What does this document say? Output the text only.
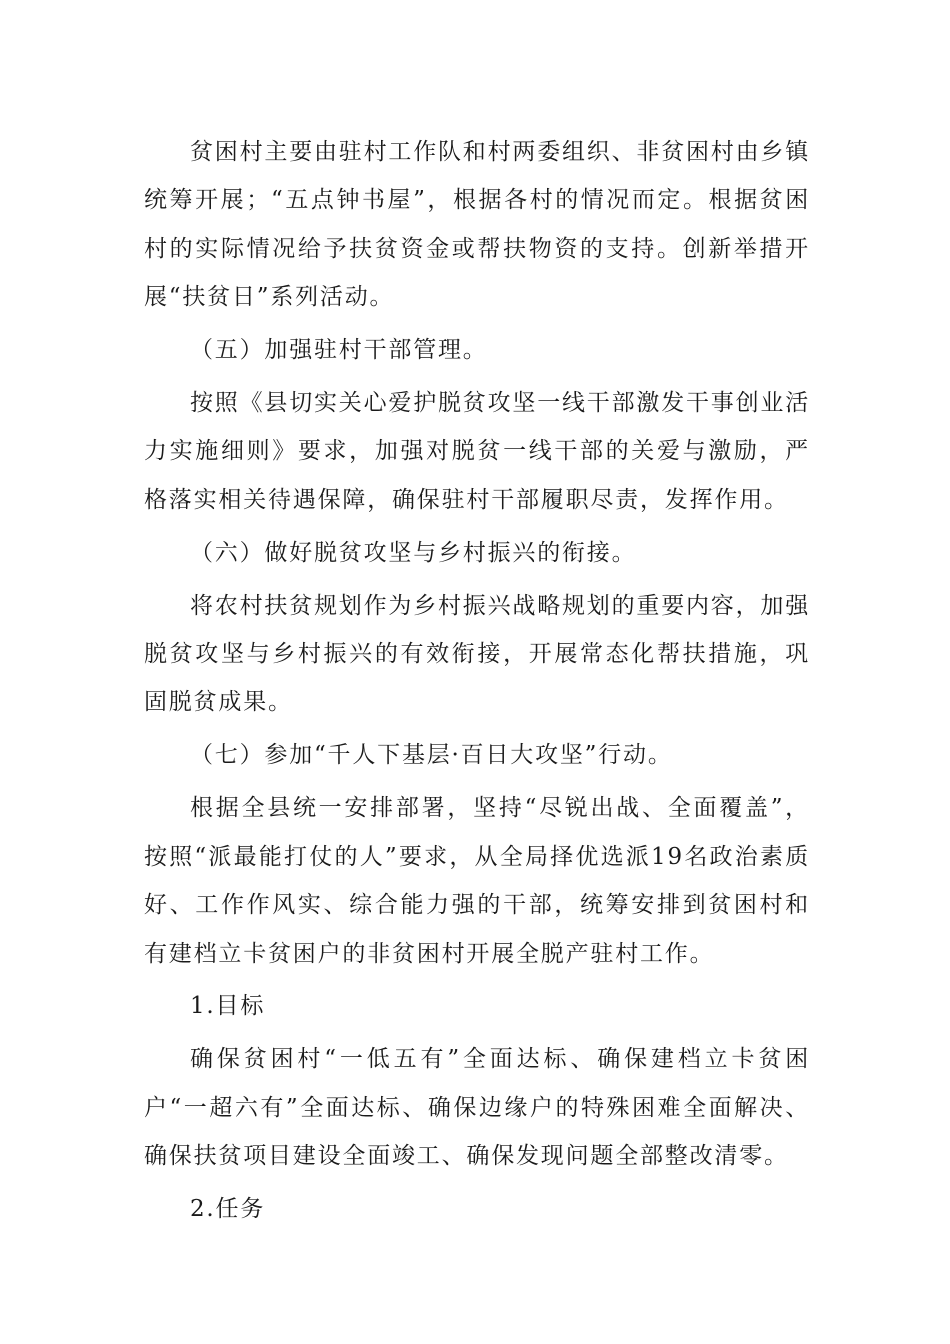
贫困村主要由驻村工作队和村两委组织、非贫困村由乡镇统筹开展；“五点钟书屋”，根据各村的情况而定。根据贫困村的实际情况给予扶贫资金或帮扶物资的支持。创新举措开展“扶贫日”系列活动。

（五）加强驻村干部管理。

按照《县切实关心爱护脱贫攻坚一线干部激发干事创业活力实施细则》要求，加强对脱贫一线干部的关爱与激励，严格落实相关待遇保障，确保驻村干部履职尽责，发挥作用。

（六）做好脱贫攻坚与乡村振兴的衔接。

将农村扶贫规划作为乡村振兴战略规划的重要内容，加强脱贫攻坚与乡村振兴的有效衔接，开展常态化帮扶措施，巩固脱贫成果。

（七）参加“千人下基层·百日大攻坚”行动。

根据全县统一安排部署，坚持“尽锐出战、全面覆盖”，按照“派最能打仗的人”要求，从全局择优选派19名政治素质好、工作作风实、综合能力强的干部，统筹安排到贫困村和有建档立卡贫困户的非贫困村开展全脱产驻村工作。

1.目标

确保贫困村“一低五有”全面达标、确保建档立卡贫困户“一超六有”全面达标、确保边缘户的特殊困难全面解决、确保扶贫项目建设全面竣工、确保发现问题全部整改清零。

2.任务
